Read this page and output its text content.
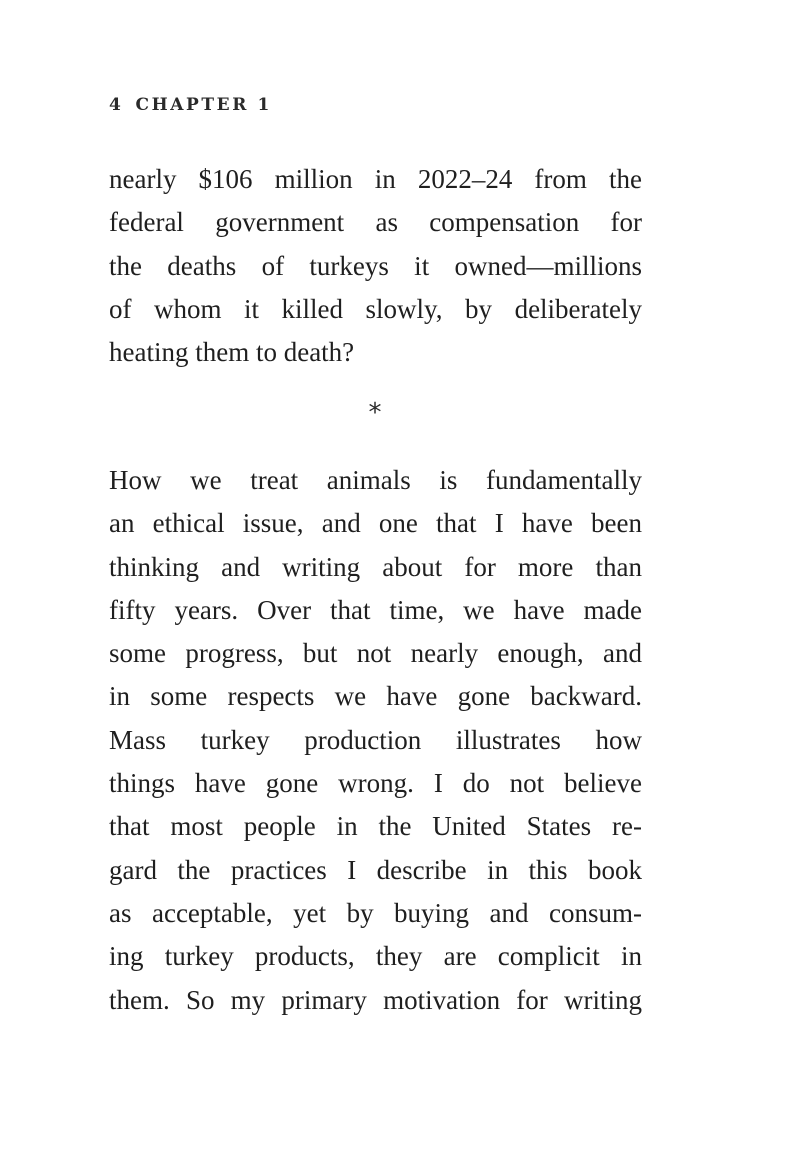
4 CHAPTER 1
nearly $106 million in 2022–24 from the
federal government as compensation for
the deaths of turkeys it owned—millions
of whom it killed slowly, by deliberately
heating them to death?
*
How we treat animals is fundamentally
an ethical issue, and one that I have been
thinking and writing about for more than
fifty years. Over that time, we have made
some progress, but not nearly enough, and
in some respects we have gone backward.
Mass turkey production illustrates how
things have gone wrong. I do not believe
that most people in the United States re-
gard the practices I describe in this book
as acceptable, yet by buying and consum-
ing turkey products, they are complicit in
them. So my primary motivation for writing
